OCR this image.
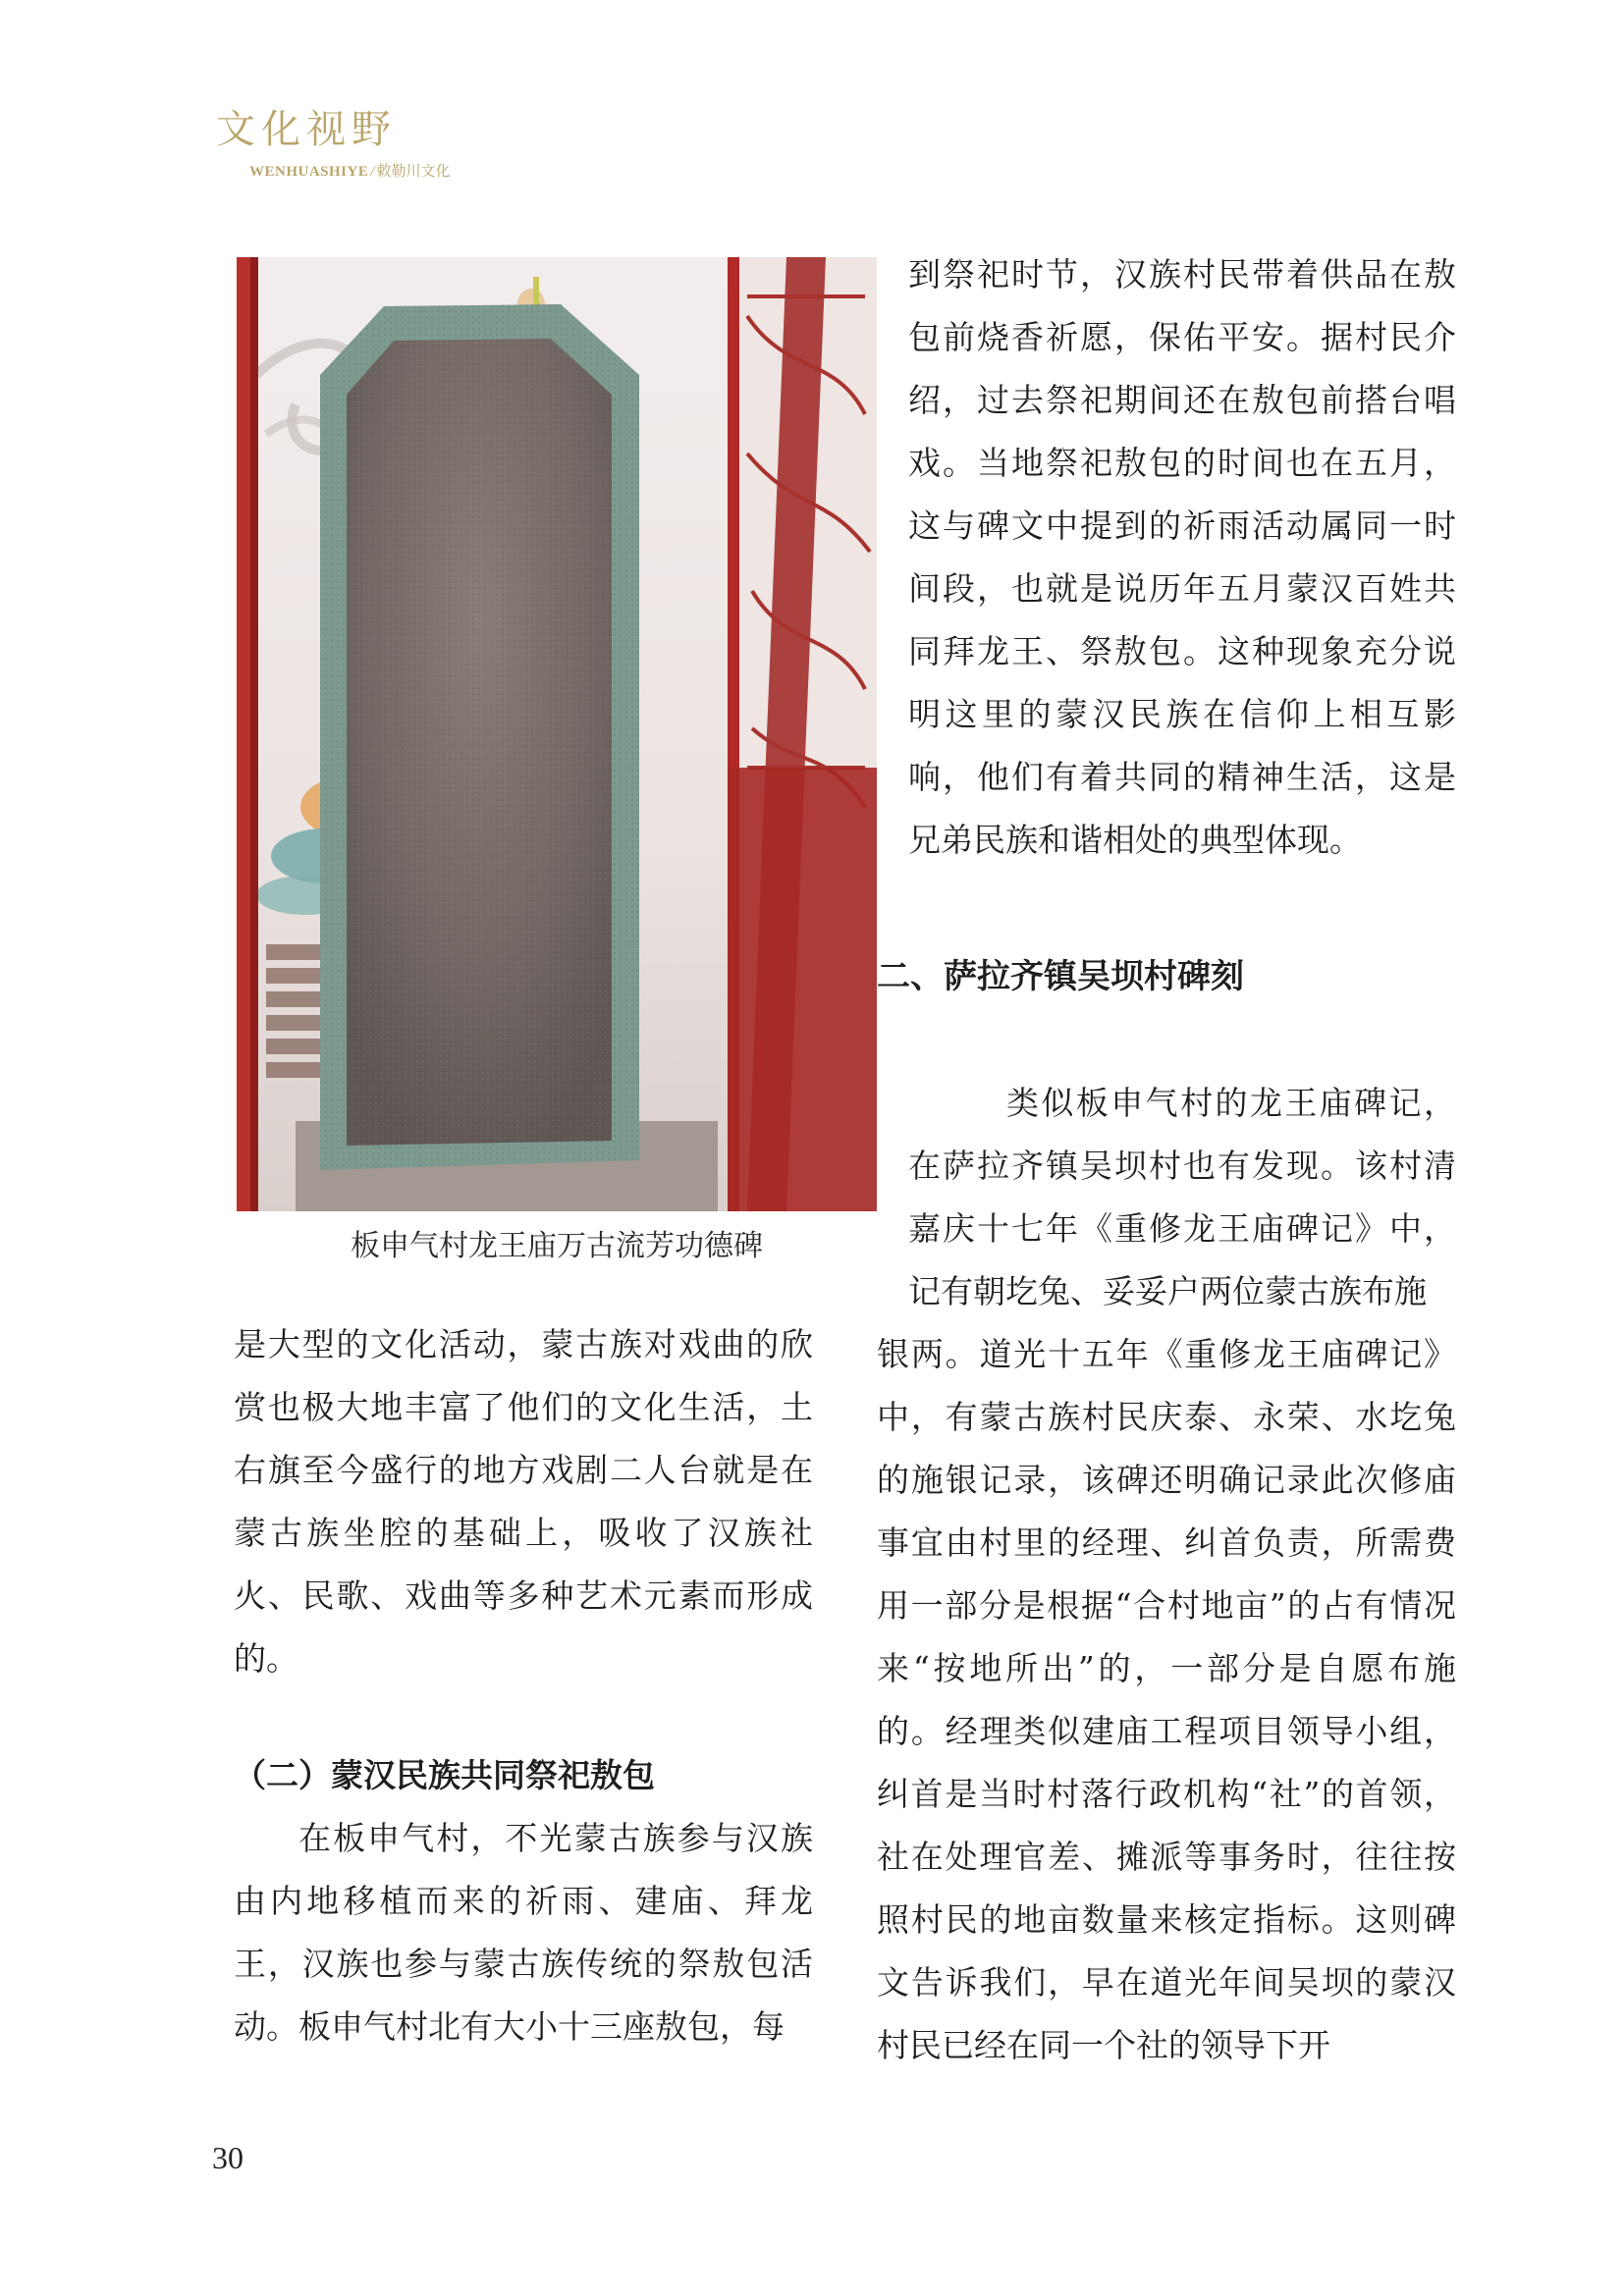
文化视野
WENHUASHIYE / 敕勒川文化
板申气村龙王庙万古流芳功德碑

是大型的文化活动，蒙古族对戏曲的欣赏也极大地丰富了他们的文化生活，土右旗至今盛行的地方戏剧二人台就是在蒙古族坐腔的基础上，吸收了汉族社火、民歌、戏曲等多种艺术元素而形成的。

（二）蒙汉民族共同祭祀敖包

在板申气村，不光蒙古族参与汉族由内地移植而来的祈雨、建庙、拜龙王，汉族也参与蒙古族传统的祭敖包活动。板申气村北有大小十三座敖包，每

到祭祀时节，汉族村民带着供品在敖包前烧香祈愿，保佑平安。据村民介绍，过去祭祀期间还在敖包前搭台唱戏。当地祭祀敖包的时间也在五月，这与碑文中提到的祈雨活动属同一时间段，也就是说历年五月蒙汉百姓共同拜龙王、祭敖包。这种现象充分说明这里的蒙汉民族在信仰上相互影响，他们有着共同的精神生活，这是兄弟民族和谐相处的典型体现。

二、萨拉齐镇吴坝村碑刻

类似板申气村的龙王庙碑记，在萨拉齐镇吴坝村也有发现。该村清嘉庆十七年《重修龙王庙碑记》中，记有朝圪兔、妥妥户两位蒙古族布施

银两。道光十五年《重修龙王庙碑记》中，有蒙古族村民庆泰、永荣、水圪兔的施银记录，该碑还明确记录此次修庙事宜由村里的经理、纠首负责，所需费用一部分是根据“合村地亩”的占有情况来“按地所出”的，一部分是自愿布施的。经理类似建庙工程项目领导小组，纠首是当时村落行政机构“社”的首领，社在处理官差、摊派等事务时，往往按照村民的地亩数量来核定指标。这则碑文告诉我们，早在道光年间吴坝的蒙汉村民已经在同一个社的领导下开

30
